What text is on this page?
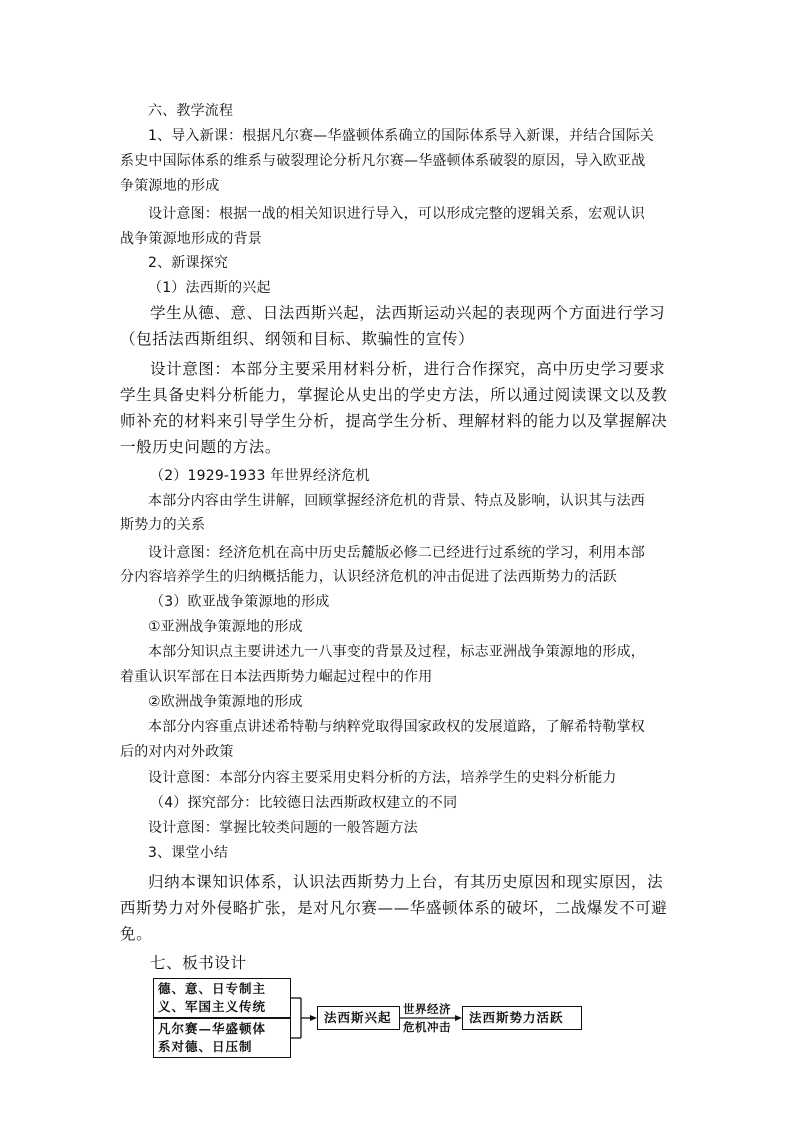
六、教学流程
1、导入新课：根据凡尔赛—华盛顿体系确立的国际体系导入新课，并结合国际关
系史中国际体系的维系与破裂理论分析凡尔赛—华盛顿体系破裂的原因，导入欧亚战
争策源地的形成
设计意图：根据一战的相关知识进行导入，可以形成完整的逻辑关系，宏观认识
战争策源地形成的背景
2、新课探究
（1）法西斯的兴起
学生从德、意、日法西斯兴起，法西斯运动兴起的表现两个方面进行学习
（包括法西斯组织、纲领和目标、欺骗性的宣传）
设计意图：本部分主要采用材料分析，进行合作探究，高中历史学习要求
学生具备史料分析能力，掌握论从史出的学史方法，所以通过阅读课文以及教
师补充的材料来引导学生分析，提高学生分析、理解材料的能力以及掌握解决
一般历史问题的方法。
（2）1929-1933 年世界经济危机
本部分内容由学生讲解，回顾掌握经济危机的背景、特点及影响，认识其与法西
斯势力的关系
设计意图：经济危机在高中历史岳麓版必修二已经进行过系统的学习，利用本部
分内容培养学生的归纳概括能力，认识经济危机的冲击促进了法西斯势力的活跃
（3）欧亚战争策源地的形成
①亚洲战争策源地的形成
本部分知识点主要讲述九一八事变的背景及过程，标志亚洲战争策源地的形成，
着重认识军部在日本法西斯势力崛起过程中的作用
②欧洲战争策源地的形成
本部分内容重点讲述希特勒与纳粹党取得国家政权的发展道路，了解希特勒掌权
后的对内对外政策
设计意图：本部分内容主要采用史料分析的方法，培养学生的史料分析能力
（4）探究部分：比较德日法西斯政权建立的不同
设计意图：掌握比较类问题的一般答题方法
3、课堂小结
归纳本课知识体系，认识法西斯势力上台，有其历史原因和现实原因，法
西斯势力对外侵略扩张，是对凡尔赛——华盛顿体系的破坏，二战爆发不可避
免。
七、板书设计
德、意、日专制主
义、军国主义传统
凡尔赛—华盛顿体
系对德、日压制
法西斯兴起
世界经济
危机冲击
法西斯势力活跃
